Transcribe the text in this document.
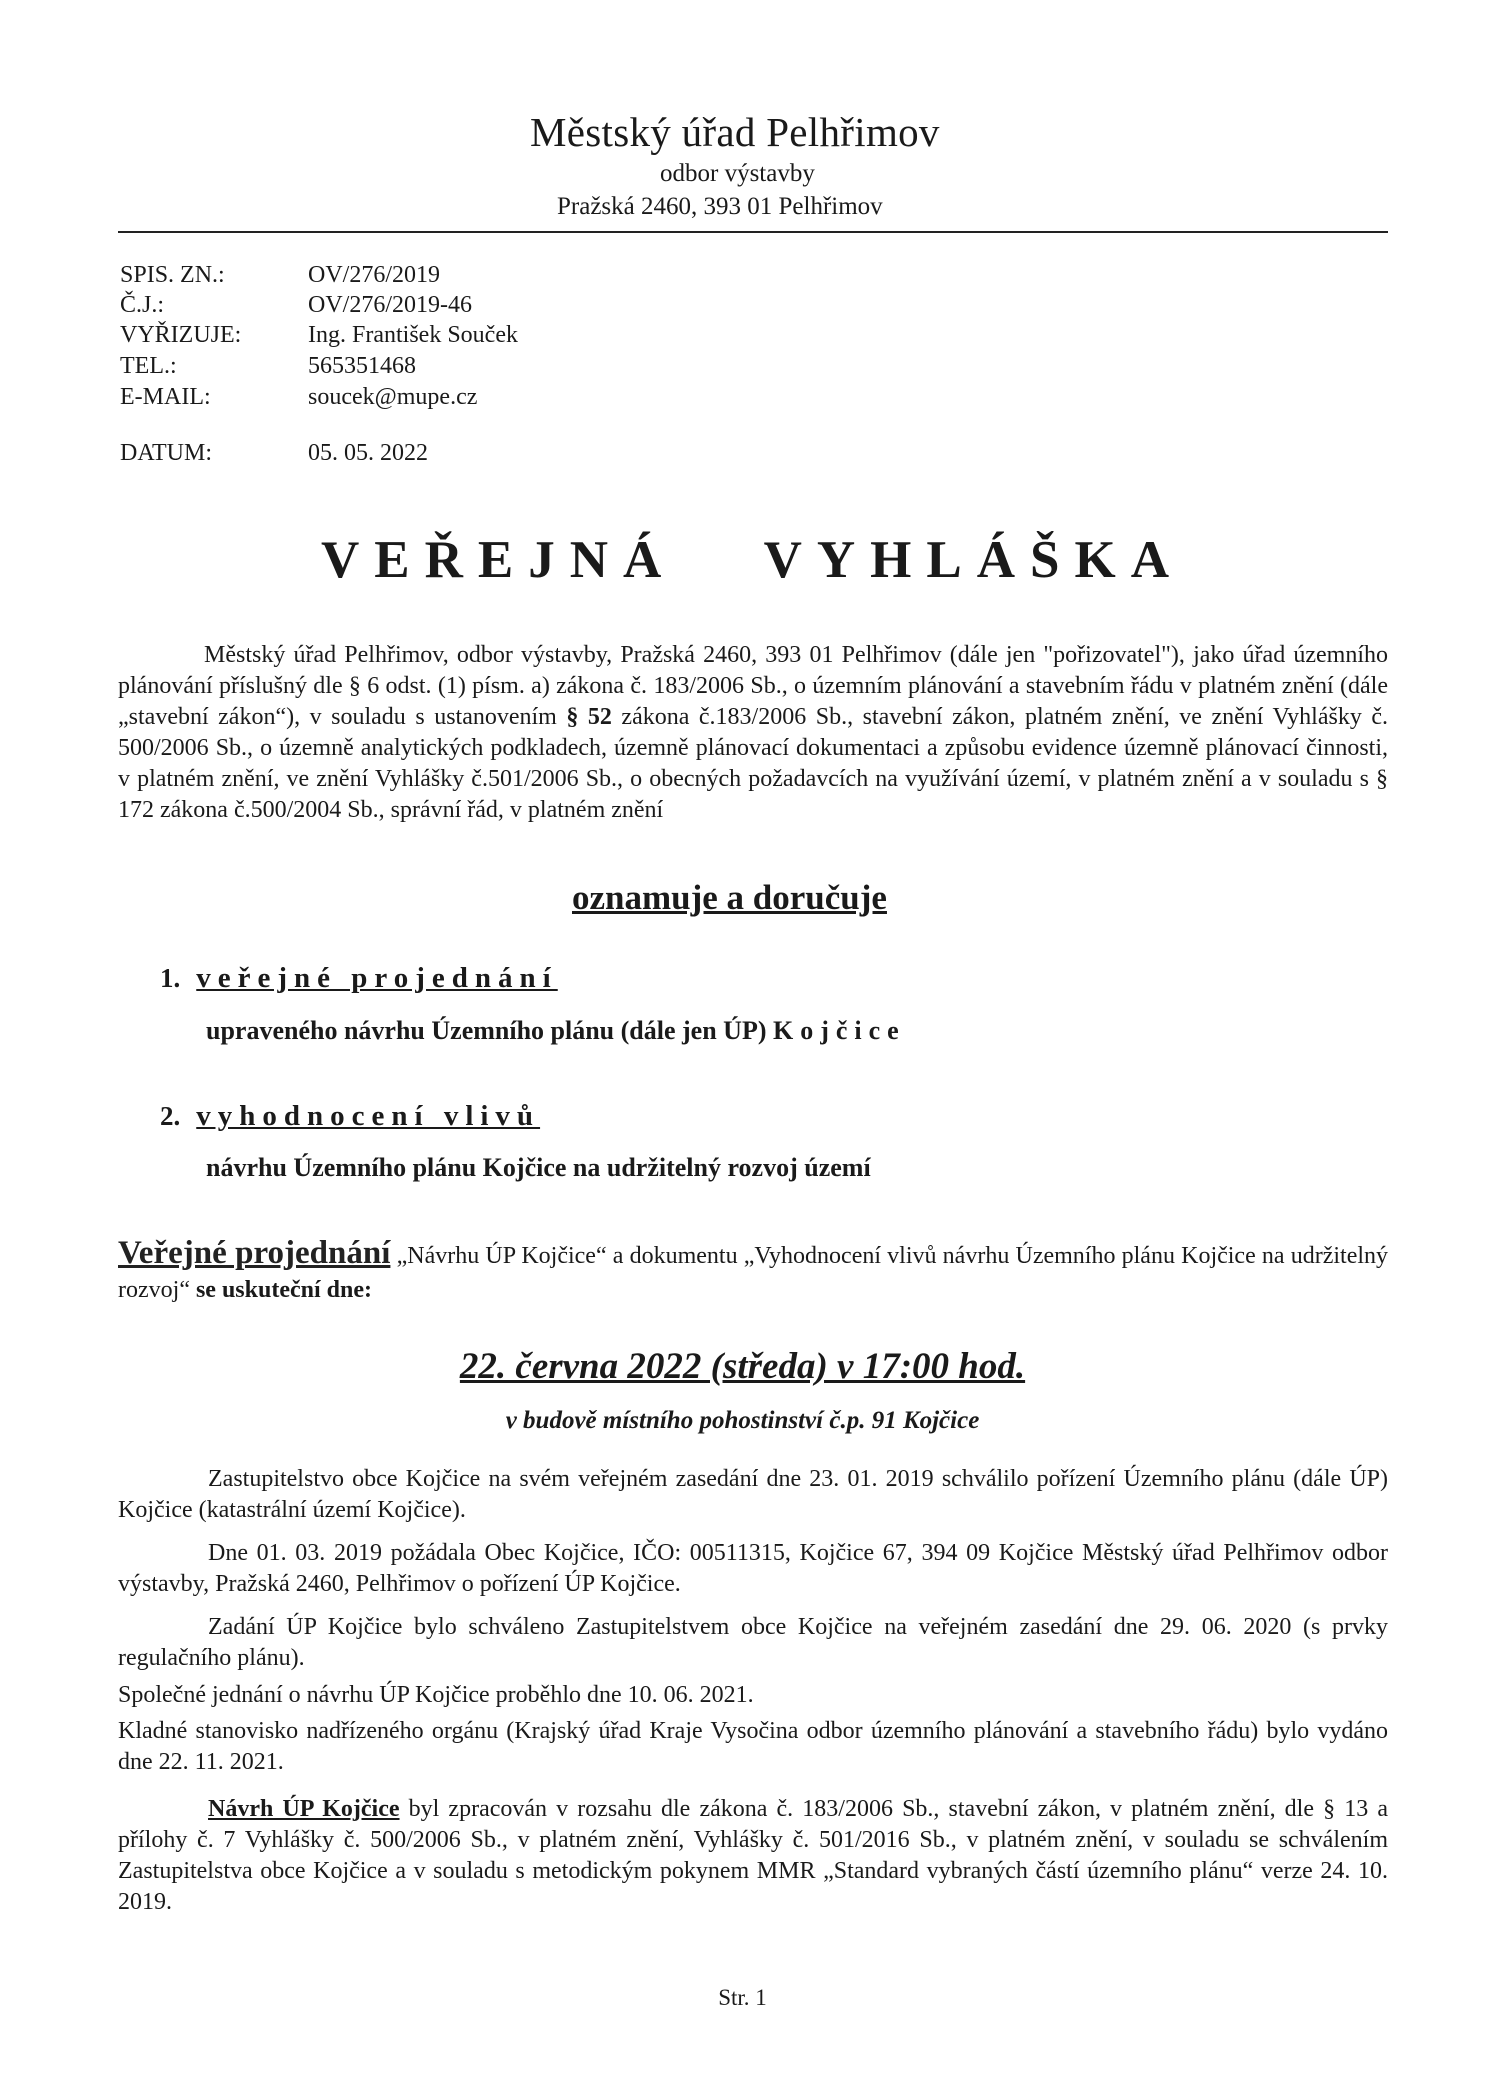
Městský úřad Pelhřimov
odbor výstavby
Pražská 2460, 393 01 Pelhřimov
SPIS. ZN.:	OV/276/2019
Č.J.:	OV/276/2019-46
VYŘIZUJE:	Ing. František Souček
TEL.:	565351468
E-MAIL:	soucek@mupe.cz
DATUM:	05. 05. 2022
VEŘEJNÁ VYHLÁŠKA
Městský úřad Pelhřimov, odbor výstavby, Pražská 2460, 393 01 Pelhřimov (dále jen "pořizovatel"), jako úřad územního plánování příslušný dle § 6 odst. (1) písm. a) zákona č. 183/2006 Sb., o územním plánování a stavebním řádu v platném znění (dále „stavební zákon“), v souladu s ustanovením § 52 zákona č.183/2006 Sb., stavební zákon, platném znění, ve znění Vyhlášky č. 500/2006 Sb., o územně analytických podkladech, územně plánovací dokumentaci a způsobu evidence územně plánovací činnosti, v platném znění, ve znění Vyhlášky č.501/2006 Sb., o obecných požadavcích na využívání území, v platném znění a v souladu s § 172 zákona č.500/2004 Sb., správní řád, v platném znění
oznamuje a doručuje
1. veřejné projednání
upraveného návrhu Územního plánu (dále jen ÚP) Kojčice
2. vyhodnocení vlivů
návrhu Územního plánu Kojčice na udržitelný rozvoj území
Veřejné projednání „Návrhu ÚP Kojčice“ a dokumentu „Vyhodnocení vlivů návrhu Územního plánu Kojčice na udržitelný rozvoj“ se uskuteční dne:
22. června 2022 (středa) v 17:00 hod.
v budově místního pohostinství č.p. 91 Kojčice
Zastupitelstvo obce Kojčice na svém veřejném zasedání dne 23. 01. 2019 schválilo pořízení Územního plánu (dále ÚP) Kojčice (katastrální území Kojčice).
Dne 01. 03. 2019 požádala Obec Kojčice, IČO: 00511315, Kojčice 67, 394 09 Kojčice Městský úřad Pelhřimov odbor výstavby, Pražská 2460, Pelhřimov o pořízení ÚP Kojčice.
Zadání ÚP Kojčice bylo schváleno Zastupitelstvem obce Kojčice na veřejném zasedání dne 29. 06. 2020 (s prvky regulačního plánu).
Společné jednání o návrhu ÚP Kojčice proběhlo dne 10. 06. 2021.
Kladné stanovisko nadřízeného orgánu (Krajský úřad Kraje Vysočina odbor územního plánování a stavebního řádu) bylo vydáno dne 22. 11. 2021.
Návrh ÚP Kojčice byl zpracován v rozsahu dle zákona č. 183/2006 Sb., stavební zákon, v platném znění, dle § 13 a přílohy č. 7 Vyhlášky č. 500/2006 Sb., v platném znění, Vyhlášky č. 501/2016 Sb., v platném znění, v souladu se schválením Zastupitelstva obce Kojčice a v souladu s metodickým pokynem MMR „Standard vybraných částí územního plánu“ verze 24. 10. 2019.
Str. 1
